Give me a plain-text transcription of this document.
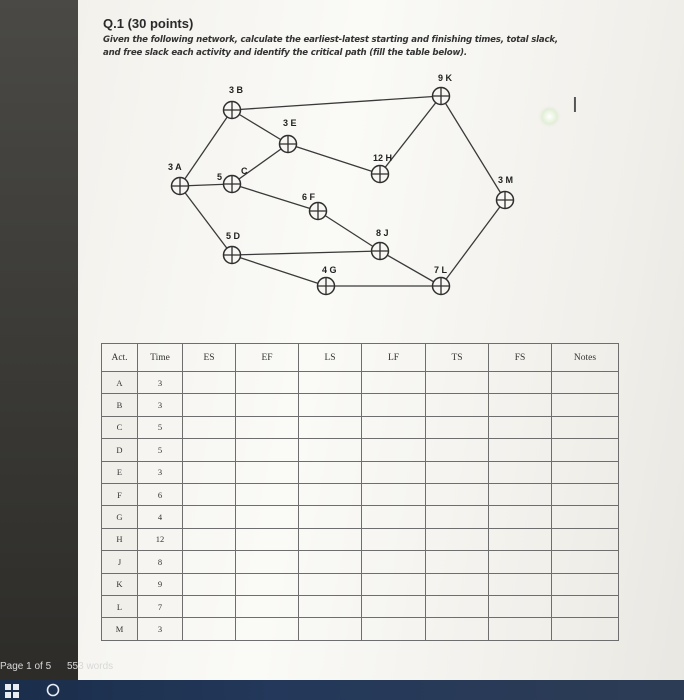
Q.1 (30 points)
Given the following network, calculate the earliest-latest starting and finishing times, total slack,
and free slack each activity and identify the critical path (fill the table below).
I
3 A
3 B
C
5
5 D
3 E
6 F
4 G
12 H
8 J
9 K
7 L
3 M
Act.	Time	ES	EF	LS	LF	TS	FS	Notes
A	3							
B	3							
C	5							
D	5							
E	3							
F	6							
G	4							
H	12							
J	8							
K	9							
L	7							
M	3							
Page 1 of 5 553 words
